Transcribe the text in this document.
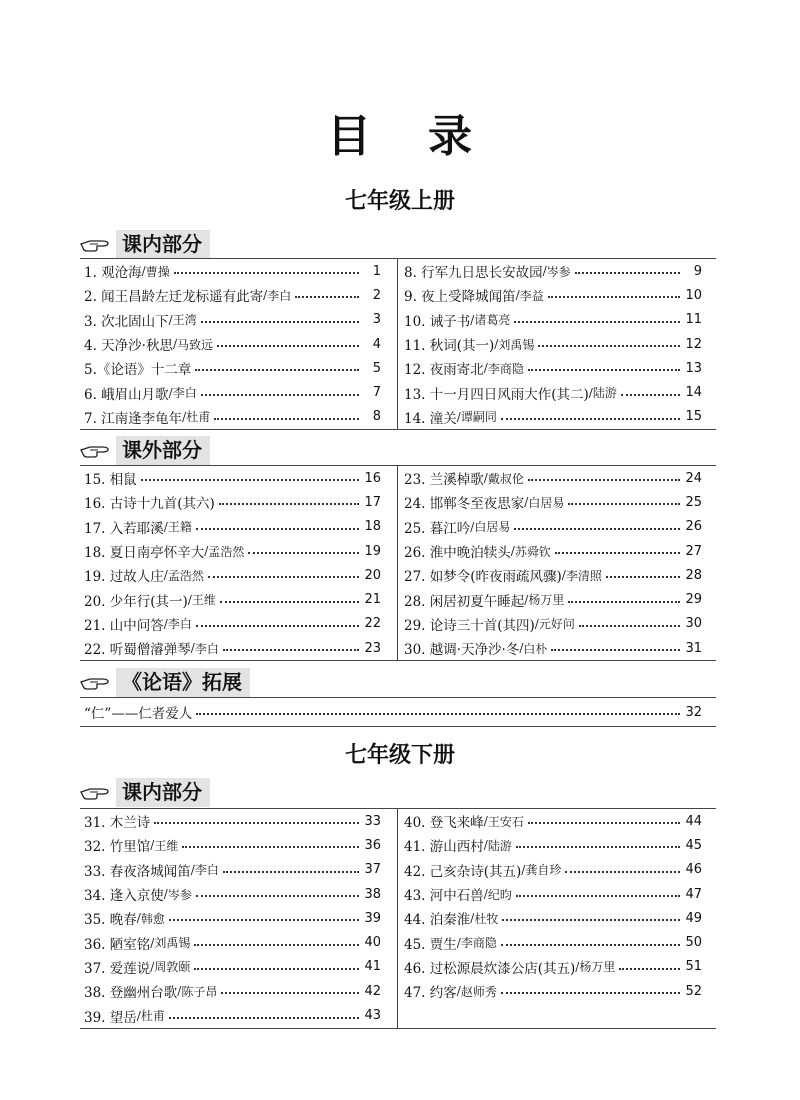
目 录
七年级上册
课内部分
1. 观沧海 / 曹操	1
2. 闻王昌龄左迁龙标遥有此寄 / 李白	2
3. 次北固山下 / 王湾	3
4. 天净沙·秋思 / 马致远	4
5.《论语》十二章	5
6. 峨眉山月歌 / 李白	7
7. 江南逢李龟年 / 杜甫	8
8. 行军九日思长安故园 / 岑参	9
9. 夜上受降城闻笛 / 李益	10
10. 诫子书 / 诸葛亮	11
11. 秋词(其一) / 刘禹锡	12
12. 夜雨寄北 / 李商隐	13
13. 十一月四日风雨大作(其二) / 陆游	14
14. 潼关 / 谭嗣同	15
课外部分
15. 相鼠	16
16. 古诗十九首(其六)	17
17. 入若耶溪 / 王籍	18
18. 夏日南亭怀辛大 / 孟浩然	19
19. 过故人庄 / 孟浩然	20
20. 少年行(其一) / 王维	21
21. 山中问答 / 李白	22
22. 听蜀僧濬弹琴 / 李白	23
23. 兰溪棹歌 / 戴叔伦	24
24. 邯郸冬至夜思家 / 白居易	25
25. 暮江吟 / 白居易	26
26. 淮中晚泊犊头 / 苏舜钦	27
27. 如梦令(昨夜雨疏风骤) / 李清照	28
28. 闲居初夏午睡起 / 杨万里	29
29. 论诗三十首(其四) / 元好问	30
30. 越调·天净沙·冬 / 白朴	31
《论语》拓展
“仁”——仁者爱人	32
七年级下册
课内部分
31. 木兰诗	33
32. 竹里馆 / 王维	36
33. 春夜洛城闻笛 / 李白	37
34. 逢入京使 / 岑参	38
35. 晚春 / 韩愈	39
36. 陋室铭 / 刘禹锡	40
37. 爱莲说 / 周敦颐	41
38. 登幽州台歌 / 陈子昂	42
39. 望岳 / 杜甫	43
40. 登飞来峰 / 王安石	44
41. 游山西村 / 陆游	45
42. 己亥杂诗(其五) / 龚自珍	46
43. 河中石兽 / 纪昀	47
44. 泊秦淮 / 杜牧	49
45. 贾生 / 李商隐	50
46. 过松源晨炊漆公店(其五) / 杨万里	51
47. 约客 / 赵师秀	52
